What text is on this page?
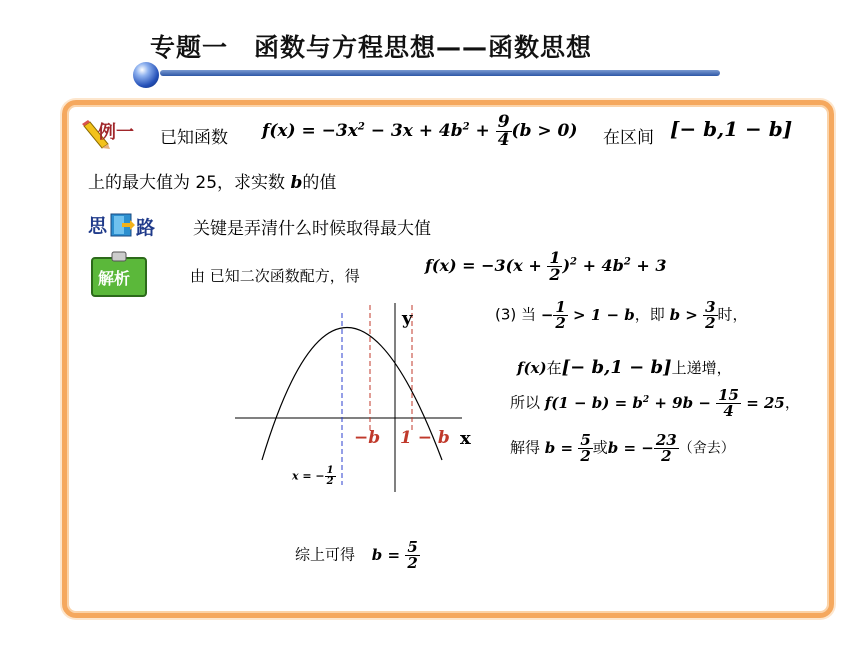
专题一　函数与方程思想——函数思想
例一 已知函数 $f(x) = -3x^2 - 3x + 4b^2 + \frac{9}{4} (b > 0)$ 在区间 [− b,1 − b]
上的最大值为 25，求实数 b的值
思 路 关键是弄清什么时候取得最大值
解析	由 已知二次函数配方，得
$f(x) = -3(x + \frac{1}{2} )^2 + 4b^2 + 3$
y
x
−b 1 − b
x = − $\frac{1}{2}$
(3) 当 − $\frac{1}{2} > 1 - b$，即 $b > \frac{3}{2}$ 时，
f(x)在[− b,1 − b]上递增，
所以 $f(1 - b) = b^2 + 9b - \frac{15}{4} = 25$，
解得 $b = \frac{5}{2}$ 或b = − $\frac{23}{2}$ （舍去）
综上可得 $b = \frac{5}{2}$
